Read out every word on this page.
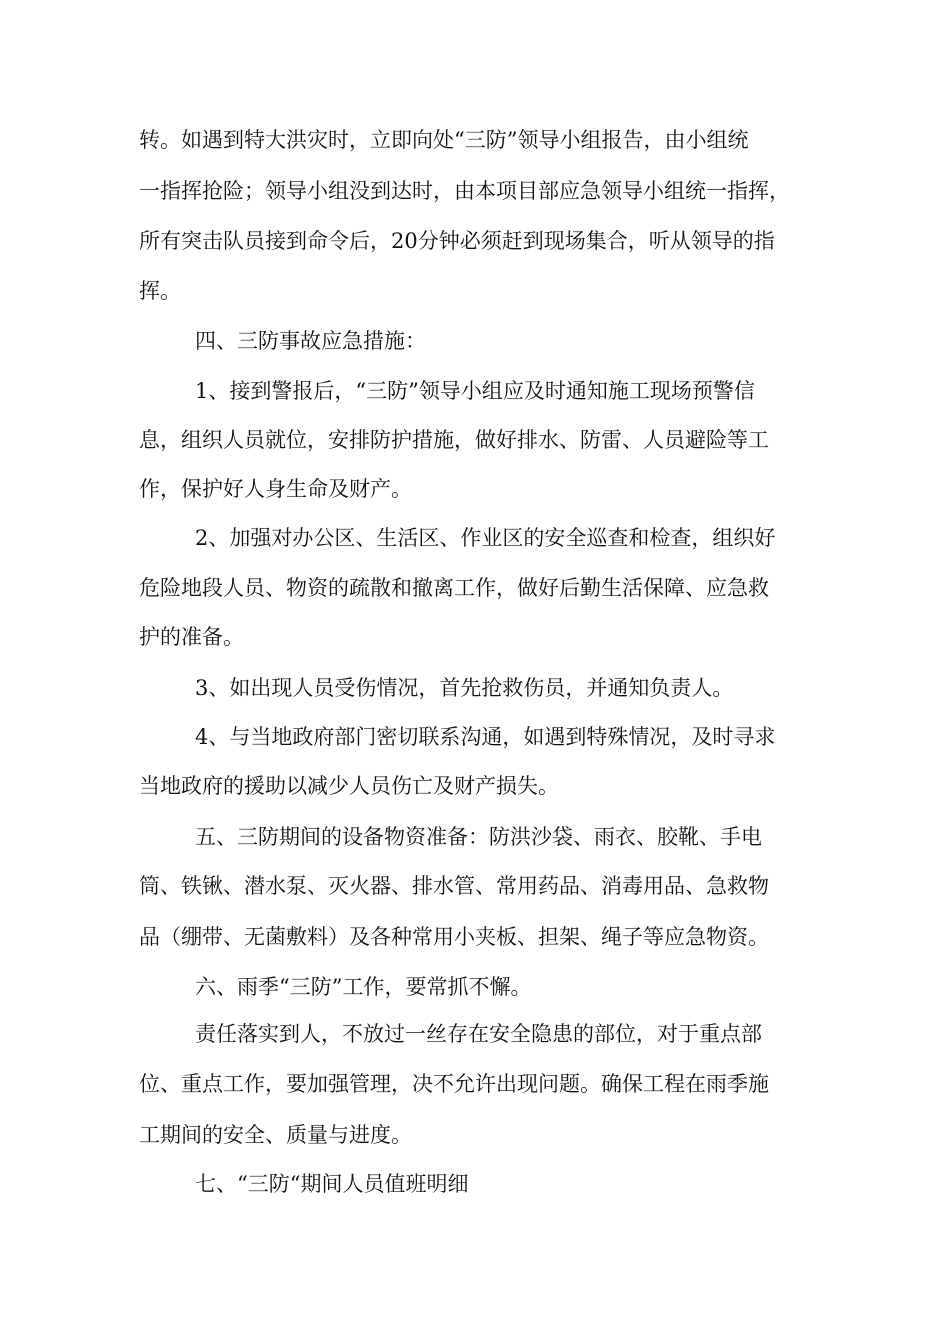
转。如遇到特大洪灾时，立即向处“三防”领导小组报告，由小组统
一指挥抢险；领导小组没到达时，由本项目部应急领导小组统一指挥，
所有突击队员接到命令后，20分钟必须赶到现场集合，听从领导的指
挥。
四、三防事故应急措施：
1、接到警报后，“三防”领导小组应及时通知施工现场预警信
息，组织人员就位，安排防护措施，做好排水、防雷、人员避险等工
作，保护好人身生命及财产。
2、加强对办公区、生活区、作业区的安全巡查和检查，组织好
危险地段人员、物资的疏散和撤离工作，做好后勤生活保障、应急救
护的准备。
3、如出现人员受伤情况，首先抢救伤员，并通知负责人。
4、与当地政府部门密切联系沟通，如遇到特殊情况，及时寻求
当地政府的援助以减少人员伤亡及财产损失。
五、三防期间的设备物资准备：防洪沙袋、雨衣、胶靴、手电
筒、铁锹、潜水泵、灭火器、排水管、常用药品、消毒用品、急救物
品（绷带、无菌敷料）及各种常用小夹板、担架、绳子等应急物资。
六、雨季“三防”工作，要常抓不懈。
责任落实到人，不放过一丝存在安全隐患的部位，对于重点部
位、重点工作，要加强管理，决不允许出现问题。确保工程在雨季施
工期间的安全、质量与进度。
七、“三防“期间人员值班明细
